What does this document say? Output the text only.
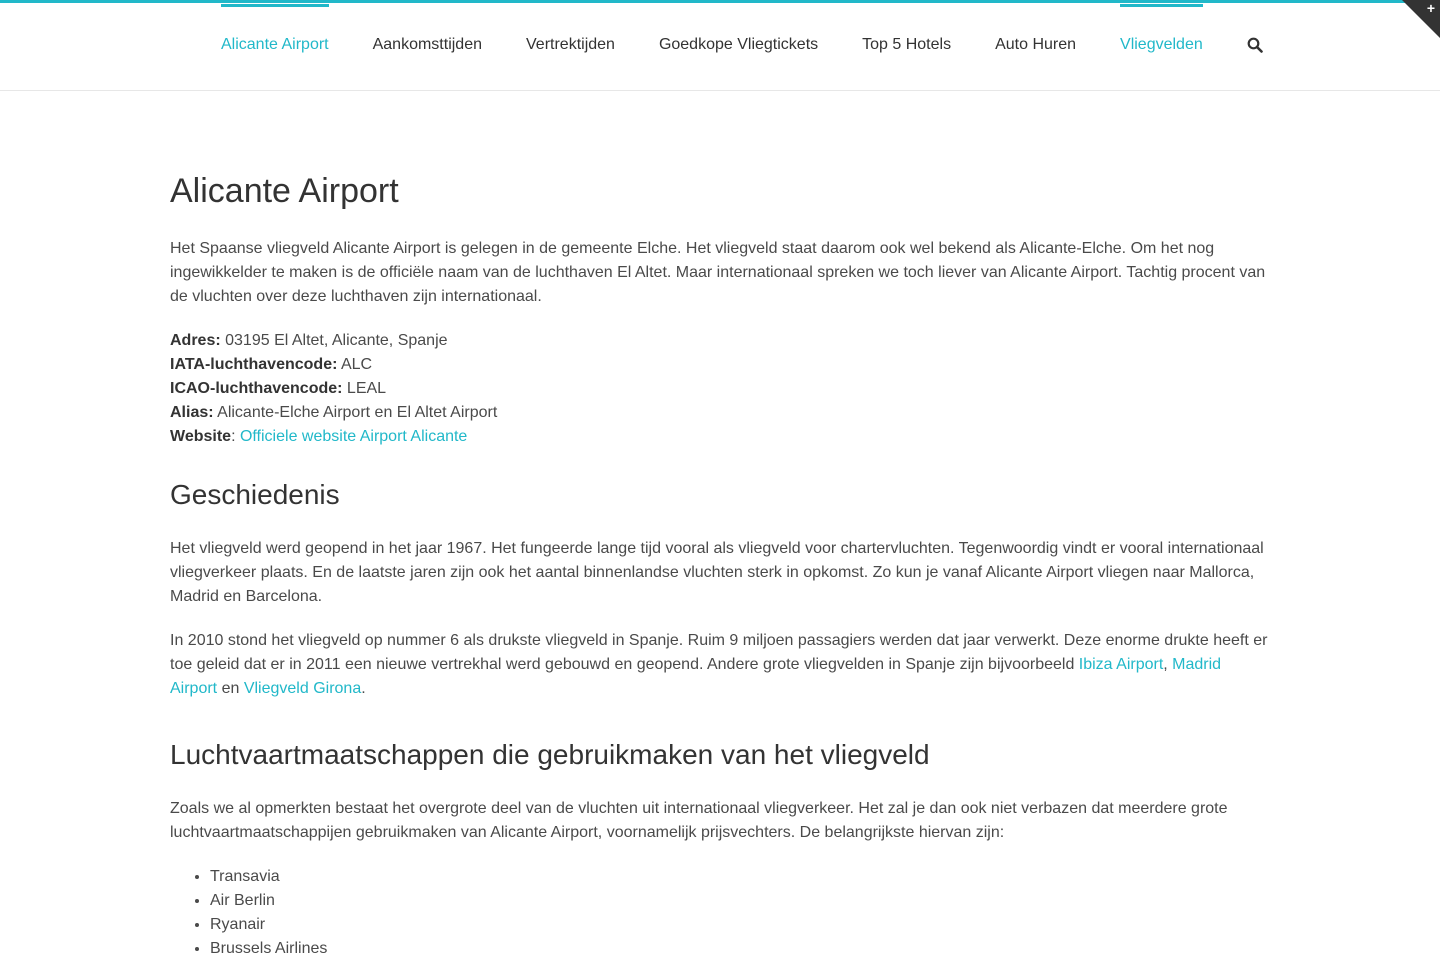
Alicante Airport	Aankomsttijden	Vertrektijden	Goedkope Vliegtickets	Top 5 Hotels	Auto Huren	Vliegvelden
+
Alicante Airport

Het Spaanse vliegveld Alicante Airport is gelegen in de gemeente Elche. Het vliegveld staat daarom ook wel bekend als Alicante-Elche. Om het nog ingewikkelder te maken is de officiële naam van de luchthaven El Altet. Maar internationaal spreken we toch liever van Alicante Airport. Tachtig procent van de vluchten over deze luchthaven zijn internationaal.

Adres: 03195 El Altet, Alicante, Spanje
IATA-luchthavencode: ALC
ICAO-luchthavencode: LEAL
Alias: Alicante-Elche Airport en El Altet Airport
Website: Officiele website Airport Alicante
Geschiedenis

Het vliegveld werd geopend in het jaar 1967. Het fungeerde lange tijd vooral als vliegveld voor chartervluchten. Tegenwoordig vindt er vooral internationaal vliegverkeer plaats. En de laatste jaren zijn ook het aantal binnenlandse vluchten sterk in opkomst. Zo kun je vanaf Alicante Airport vliegen naar Mallorca, Madrid en Barcelona.

In 2010 stond het vliegveld op nummer 6 als drukste vliegveld in Spanje. Ruim 9 miljoen passagiers werden dat jaar verwerkt. Deze enorme drukte heeft er toe geleid dat er in 2011 een nieuwe vertrekhal werd gebouwd en geopend. Andere grote vliegvelden in Spanje zijn bijvoorbeeld Ibiza Airport, Madrid Airport en Vliegveld Girona.

Luchtvaartmaatschappen die gebruikmaken van het vliegveld

Zoals we al opmerkten bestaat het overgrote deel van de vluchten uit internationaal vliegverkeer. Het zal je dan ook niet verbazen dat meerdere grote luchtvaartmaatschappijen gebruikmaken van Alicante Airport, voornamelijk prijsvechters. De belangrijkste hiervan zijn:

• Transavia
• Air Berlin
• Ryanair
• Brussels Airlines
